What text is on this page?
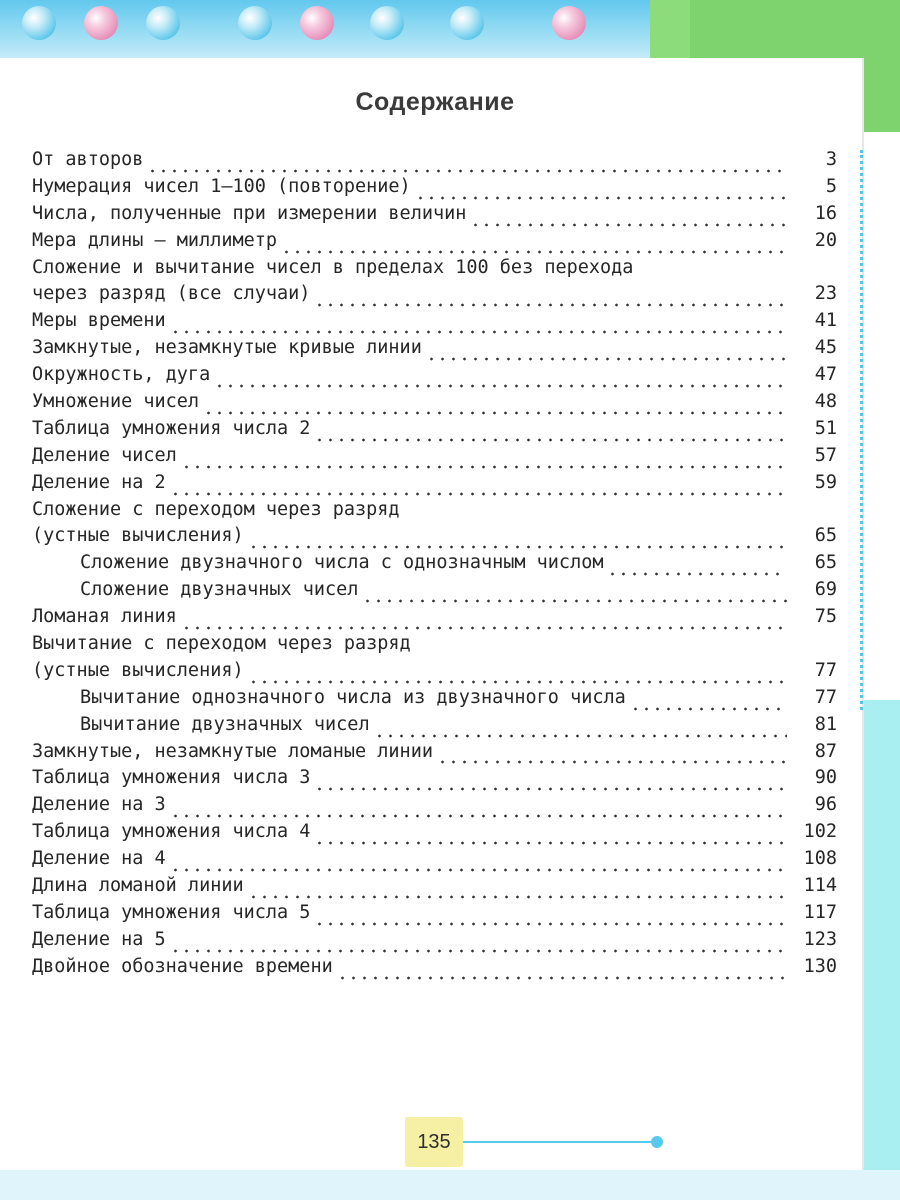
Содержание
От авторов	3
Нумерация чисел 1—100 (повторение)	5
Числа, полученные при измерении величин	16
Мера длины — миллиметр	20
Сложение и вычитание чисел в пределах 100 без перехода
через разряд (все случаи)	23
Меры времени	41
Замкнутые, незамкнутые кривые линии	45
Окружность, дуга	47
Умножение чисел	48
Таблица умножения числа 2	51
Деление чисел	57
Деление на 2	59
Сложение с переходом через разряд
(устные вычисления)	65
Сложение двузначного числа с однозначным числом	65
Сложение двузначных чисел	69
Ломаная линия	75
Вычитание с переходом через разряд
(устные вычисления)	77
Вычитание однозначного числа из двузначного числа	77
Вычитание двузначных чисел	81
Замкнутые, незамкнутые ломаные линии	87
Таблица умножения числа 3	90
Деление на 3	96
Таблица умножения числа 4	102
Деление на 4	108
Длина ломаной линии	114
Таблица умножения числа 5	117
Деление на 5	123
Двойное обозначение времени	130
135
